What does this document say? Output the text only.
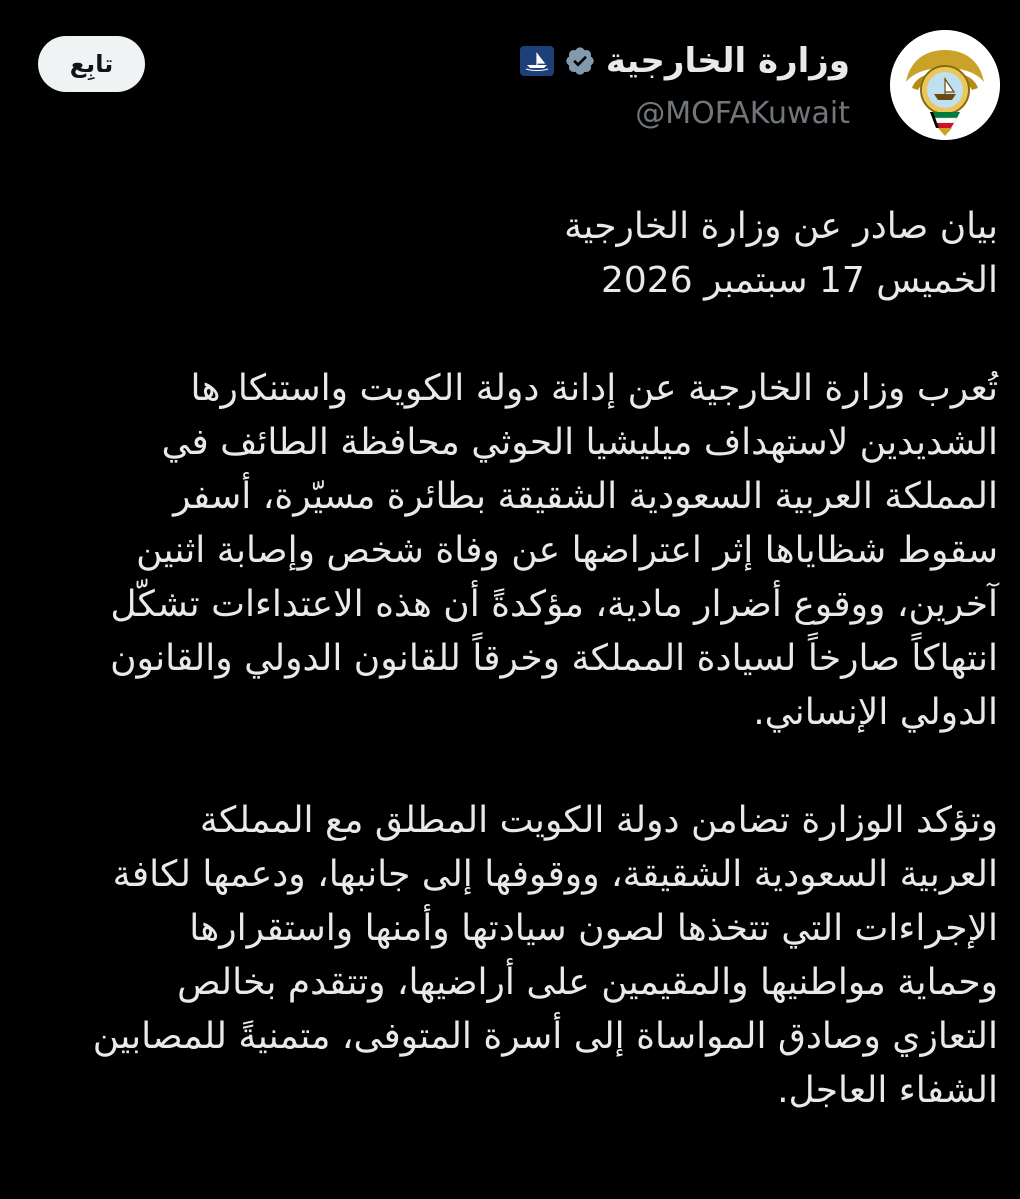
وزارة الخارجية
@MOFAKuwait
تابِع
بيان صادر عن وزارة الخارجية
الخميس 17 سبتمبر 2026
تُعرب وزارة الخارجية عن إدانة دولة الكويت واستنكارها
الشديدين لاستهداف ميليشيا الحوثي محافظة الطائف في
المملكة العربية السعودية الشقيقة بطائرة مسيّرة، أسفر
سقوط شظاياها إثر اعتراضها عن وفاة شخص وإصابة اثنين
آخرين، ووقوع أضرار مادية، مؤكدةً أن هذه الاعتداءات تشكّل
انتهاكاً صارخاً لسيادة المملكة وخرقاً للقانون الدولي والقانون
الدولي الإنساني.
وتؤكد الوزارة تضامن دولة الكويت المطلق مع المملكة
العربية السعودية الشقيقة، ووقوفها إلى جانبها، ودعمها لكافة
الإجراءات التي تتخذها لصون سيادتها وأمنها واستقرارها
وحماية مواطنيها والمقيمين على أراضيها، وتتقدم بخالص
التعازي وصادق المواساة إلى أسرة المتوفى، متمنيةً للمصابين
الشفاء العاجل.
